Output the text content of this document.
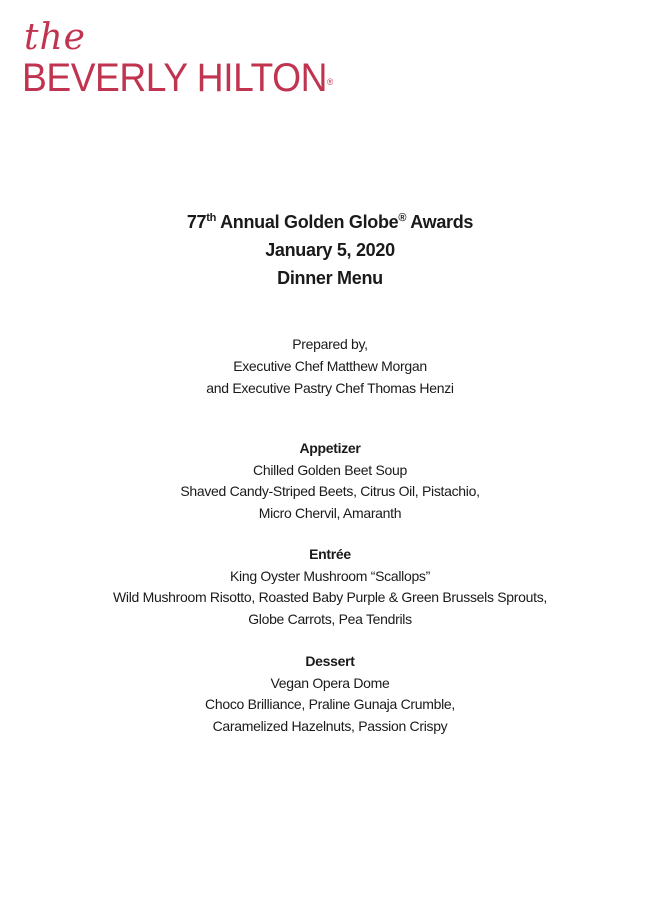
the
BEVERLY HILTON®
77th Annual Golden Globe® Awards
January 5, 2020
Dinner Menu
Prepared by,
Executive Chef Matthew Morgan
and Executive Pastry Chef Thomas Henzi
Appetizer
Chilled Golden Beet Soup
Shaved Candy-Striped Beets, Citrus Oil, Pistachio,
Micro Chervil, Amaranth
Entrée
King Oyster Mushroom “Scallops”
Wild Mushroom Risotto, Roasted Baby Purple & Green Brussels Sprouts,
Globe Carrots, Pea Tendrils
Dessert
Vegan Opera Dome
Choco Brilliance, Praline Gunaja Crumble,
Caramelized Hazelnuts, Passion Crispy
